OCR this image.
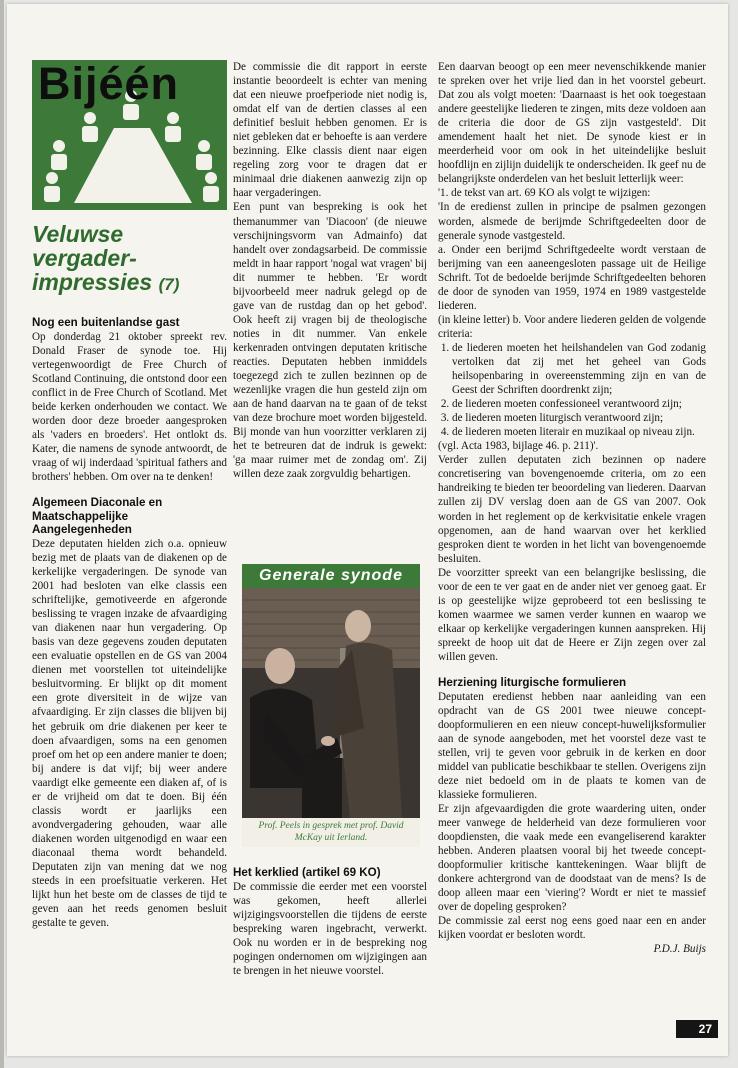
Bijéén
Veluwse vergader-impressies (7)

Nog een buitenlandse gast

Op donderdag 21 oktober spreekt rev. Donald Fraser de synode toe. Hij vertegenwoordigt de Free Church of Scotland Continuing, die ontstond door een conflict in de Free Church of Scotland. Met beide kerken onderhouden we contact. We worden door deze broeder aangesproken als 'vaders en broeders'. Het ontlokt ds. Kater, die namens de synode antwoordt, de vraag of wij inderdaad 'spiritual fathers and brothers' hebben. Om over na te denken!

Algemeen Diaconale en Maatschappelijke Aangelegenheden

Deze deputaten hielden zich o.a. opnieuw bezig met de plaats van de diakenen op de kerkelijke vergaderingen. De synode van 2001 had besloten van elke classis een schriftelijke, gemotiveerde en afgeronde beslissing te vragen inzake de afvaardiging van diakenen naar hun vergadering. Op basis van deze gegevens zouden deputaten een evaluatie opstellen en de GS van 2004 dienen met voorstellen tot uiteindelijke besluitvorming. Er blijkt op dit moment een grote diversiteit in de wijze van afvaardiging. Er zijn classes die blijven bij het gebruik om drie diakenen per keer te doen afvaardigen, soms na een genomen proef om het op een andere manier te doen; bij andere is dat vijf; bij weer andere vaardigt elke gemeente een diaken af, of is er de vrijheid om dat te doen. Bij één classis wordt er jaarlijks een avondvergadering gehouden, waar alle diakenen worden uitgenodigd en waar een diaconaal thema wordt behandeld. Deputaten zijn van mening dat we nog steeds in een proefsituatie verkeren. Het lijkt hun het beste om de classes de tijd te geven aan het reeds genomen besluit gestalte te geven.

De commissie die dit rapport in eerste instantie beoordeelt is echter van mening dat een nieuwe proefperiode niet nodig is, omdat elf van de dertien classes al een definitief besluit hebben genomen. Er is niet gebleken dat er behoefte is aan verdere bezinning. Elke classis dient naar eigen regeling zorg voor te dragen dat er minimaal drie diakenen aanwezig zijn op haar vergaderingen.

Een punt van bespreking is ook het themanummer van 'Diacoon' (de nieuwe verschijningsvorm van Admainfo) dat handelt over zondagsarbeid. De commissie meldt in haar rapport 'nogal wat vragen' bij dit nummer te hebben. 'Er wordt bijvoorbeeld meer nadruk gelegd op de gave van de rustdag dan op het gebod'. Ook heeft zij vragen bij de theologische noties in dit nummer. Van enkele kerkenraden ontvingen deputaten kritische reacties. Deputaten hebben inmiddels toegezegd zich te zullen bezinnen op de wezenlijke vragen die hun gesteld zijn om aan de hand daarvan na te gaan of de tekst van deze brochure moet worden bijgesteld. Bij monde van hun voorzitter verklaren zij het te betreuren dat de indruk is gewekt: 'ga maar ruimer met de zondag om'. Zij willen deze zaak zorgvuldig behartigen.

Generale synode
Prof. Peels in gesprek met prof. David McKay uit Ierland.

Het kerklied (artikel 69 KO)

De commissie die eerder met een voorstel was gekomen, heeft allerlei wijzigingsvoorstellen die tijdens de eerste bespreking waren ingebracht, verwerkt. Ook nu worden er in de bespreking nog pogingen ondernomen om wijzigingen aan te brengen in het nieuwe voorstel.

Een daarvan beoogt op een meer nevenschikkende manier te spreken over het vrije lied dan in het voorstel gebeurt. Dat zou als volgt moeten: 'Daarnaast is het ook toegestaan andere geestelijke liederen te zingen, mits deze voldoen aan de criteria die door de GS zijn vastgesteld'. Dit amendement haalt het niet. De synode kiest er in meerderheid voor om ook in het uiteindelijke besluit hoofdlijn en zijlijn duidelijk te onderscheiden. Ik geef nu de belangrijkste onderdelen van het besluit letterlijk weer:

'1. de tekst van art. 69 KO als volgt te wijzigen:

'In de eredienst zullen in principe de psalmen gezongen worden, alsmede de berijmde Schriftgedeelten door de generale synode vastgesteld.

a. Onder een berijmd Schriftgedeelte wordt verstaan de berijming van een aaneengesloten passage uit de Heilige Schrift. Tot de bedoelde berijmde Schriftgedeelten behoren de door de synoden van 1959, 1974 en 1989 vastgestelde liederen.

(in kleine letter) b. Voor andere liederen gelden de volgende criteria:

1. de liederen moeten het heilshandelen van God zodanig vertolken dat zij met het geheel van Gods heilsopenbaring in overeenstemming zijn en van de Geest der Schriften doordrenkt zijn;
2. de liederen moeten confessioneel verantwoord zijn;
3. de liederen moeten liturgisch verantwoord zijn;
4. de liederen moeten literair en muzikaal op niveau zijn.

(vgl. Acta 1983, bijlage 46. p. 211)'.

Verder zullen deputaten zich bezinnen op nadere concretisering van bovengenoemde criteria, om zo een handreiking te bieden ter beoordeling van liederen. Daarvan zullen zij DV verslag doen aan de GS van 2007. Ook worden in het reglement op de kerkvisitatie enkele vragen opgenomen, aan de hand waarvan over het kerklied gesproken dient te worden in het licht van bovengenoemde besluiten.

De voorzitter spreekt van een belangrijke beslissing, die voor de een te ver gaat en de ander niet ver genoeg gaat. Er is op geestelijke wijze geprobeerd tot een beslissing te komen waarmee we samen verder kunnen en waarop we elkaar op kerkelijke vergaderingen kunnen aanspreken. Hij spreekt de hoop uit dat de Heere er Zijn zegen over zal willen geven.

Herziening liturgische formulieren

Deputaten eredienst hebben naar aanleiding van een opdracht van de GS 2001 twee nieuwe concept-doopformulieren en een nieuw concept-huwelijksformulier aan de synode aangeboden, met het voorstel deze vast te stellen, vrij te geven voor gebruik in de kerken en door middel van publicatie beschikbaar te stellen. Overigens zijn deze niet bedoeld om in de plaats te komen van de klassieke formulieren.

Er zijn afgevaardigden die grote waardering uiten, onder meer vanwege de helderheid van deze formulieren voor doopdiensten, die vaak mede een evangeliserend karakter hebben. Anderen plaatsen vooral bij het tweede concept-doopformulier kritische kanttekeningen. Waar blijft de donkere achtergrond van de doodstaat van de mens? Is de doop alleen maar een 'viering'? Wordt er niet te massief over de dopeling gesproken?

De commissie zal eerst nog eens goed naar een en ander kijken voordat er besloten wordt.

P.D.J. Buijs

27
